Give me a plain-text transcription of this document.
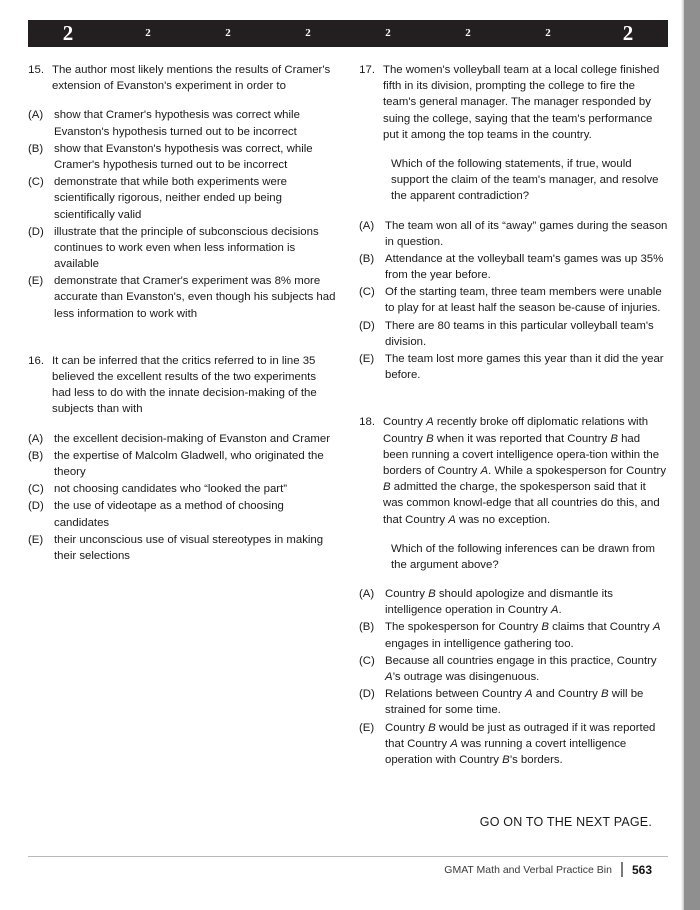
2	2	2	2	2	2	2	2
15. The author most likely mentions the results of Cramer's extension of Evanston's experiment in order to
(A) show that Cramer's hypothesis was correct while Evanston's hypothesis turned out to be incorrect
(B) show that Evanston's hypothesis was correct, while Cramer's hypothesis turned out to be incorrect
(C) demonstrate that while both experiments were scientifically rigorous, neither ended up being scientifically valid
(D) illustrate that the principle of subconscious decisions continues to work even when less information is available
(E) demonstrate that Cramer's experiment was 8% more accurate than Evanston's, even though his subjects had less information to work with
16. It can be inferred that the critics referred to in line 35 believed the excellent results of the two experiments had less to do with the innate decision-making of the subjects than with
(A) the excellent decision-making of Evanston and Cramer
(B) the expertise of Malcolm Gladwell, who originated the theory
(C) not choosing candidates who “looked the part”
(D) the use of videotape as a method of choosing candidates
(E) their unconscious use of visual stereotypes in making their selections
17. The women's volleyball team at a local college finished fifth in its division, prompting the college to fire the team's general manager. The manager responded by suing the college, saying that the team's performance put it among the top teams in the country.
Which of the following statements, if true, would support the claim of the team's manager, and resolve the apparent contradiction?
(A) The team won all of its “away” games during the season in question.
(B) Attendance at the volleyball team's games was up 35% from the year before.
(C) Of the starting team, three team members were unable to play for at least half the season be-cause of injuries.
(D) There are 80 teams in this particular volleyball team's division.
(E) The team lost more games this year than it did the year before.
18. Country A recently broke off diplomatic relations with Country B when it was reported that Country B had been running a covert intelligence opera-tion within the borders of Country A. While a spokesperson for Country B admitted the charge, the spokesperson said that it was common knowl-edge that all countries do this, and that Country A was no exception.
Which of the following inferences can be drawn from the argument above?
(A) Country B should apologize and dismantle its intelligence operation in Country A.
(B) The spokesperson for Country B claims that Country A engages in intelligence gathering too.
(C) Because all countries engage in this practice, Country A’s outrage was disingenuous.
(D) Relations between Country A and Country B will be strained for some time.
(E) Country B would be just as outraged if it was reported that Country A was running a covert intelligence operation with Country B’s borders.
GO ON TO THE NEXT PAGE.
GMAT Math and Verbal Practice Bin 563
